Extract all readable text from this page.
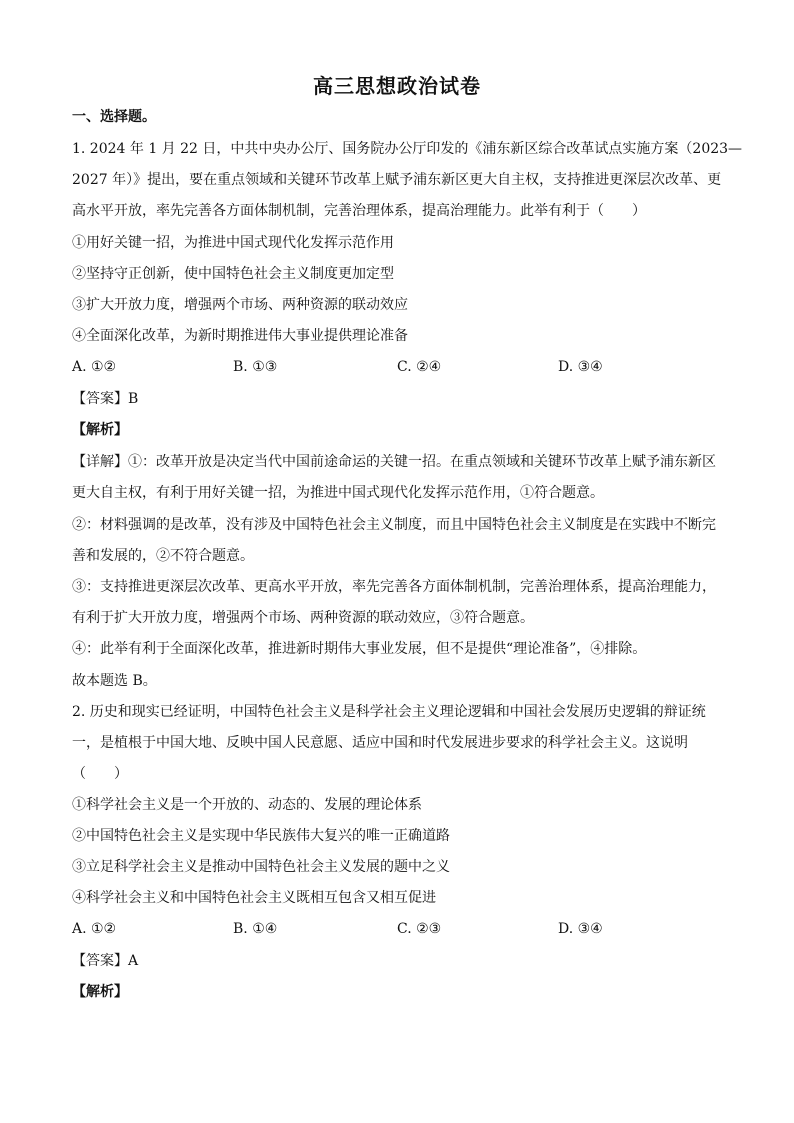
高三思想政治试卷
一、选择题。
1. 2024 年 1 月 22 日，中共中央办公厅、国务院办公厅印发的《浦东新区综合改革试点实施方案（2023—
2027 年）》提出，要在重点领域和关键环节改革上赋予浦东新区更大自主权，支持推进更深层次改革、更
高水平开放，率先完善各方面体制机制，完善治理体系，提高治理能力。此举有利于（　　）
①用好关键一招，为推进中国式现代化发挥示范作用
②坚持守正创新，使中国特色社会主义制度更加定型
③扩大开放力度，增强两个市场、两种资源的联动效应
④全面深化改革，为新时期推进伟大事业提供理论准备
A. ①②	B. ①③	C. ②④	D. ③④
【答案】B
【解析】
【详解】①：改革开放是决定当代中国前途命运的关键一招。在重点领域和关键环节改革上赋予浦东新区
更大自主权，有利于用好关键一招，为推进中国式现代化发挥示范作用，①符合题意。
②：材料强调的是改革，没有涉及中国特色社会主义制度，而且中国特色社会主义制度是在实践中不断完
善和发展的，②不符合题意。
③：支持推进更深层次改革、更高水平开放，率先完善各方面体制机制，完善治理体系，提高治理能力，
有利于扩大开放力度，增强两个市场、两种资源的联动效应，③符合题意。
④：此举有利于全面深化改革，推进新时期伟大事业发展，但不是提供“理论准备”，④排除。
故本题选 B。
2. 历史和现实已经证明，中国特色社会主义是科学社会主义理论逻辑和中国社会发展历史逻辑的辩证统
一，是植根于中国大地、反映中国人民意愿、适应中国和时代发展进步要求的科学社会主义。这说明
（　　）
①科学社会主义是一个开放的、动态的、发展的理论体系
②中国特色社会主义是实现中华民族伟大复兴的唯一正确道路
③立足科学社会主义是推动中国特色社会主义发展的题中之义
④科学社会主义和中国特色社会主义既相互包含又相互促进
A. ①②	B. ①④	C. ②③	D. ③④
【答案】A
【解析】
